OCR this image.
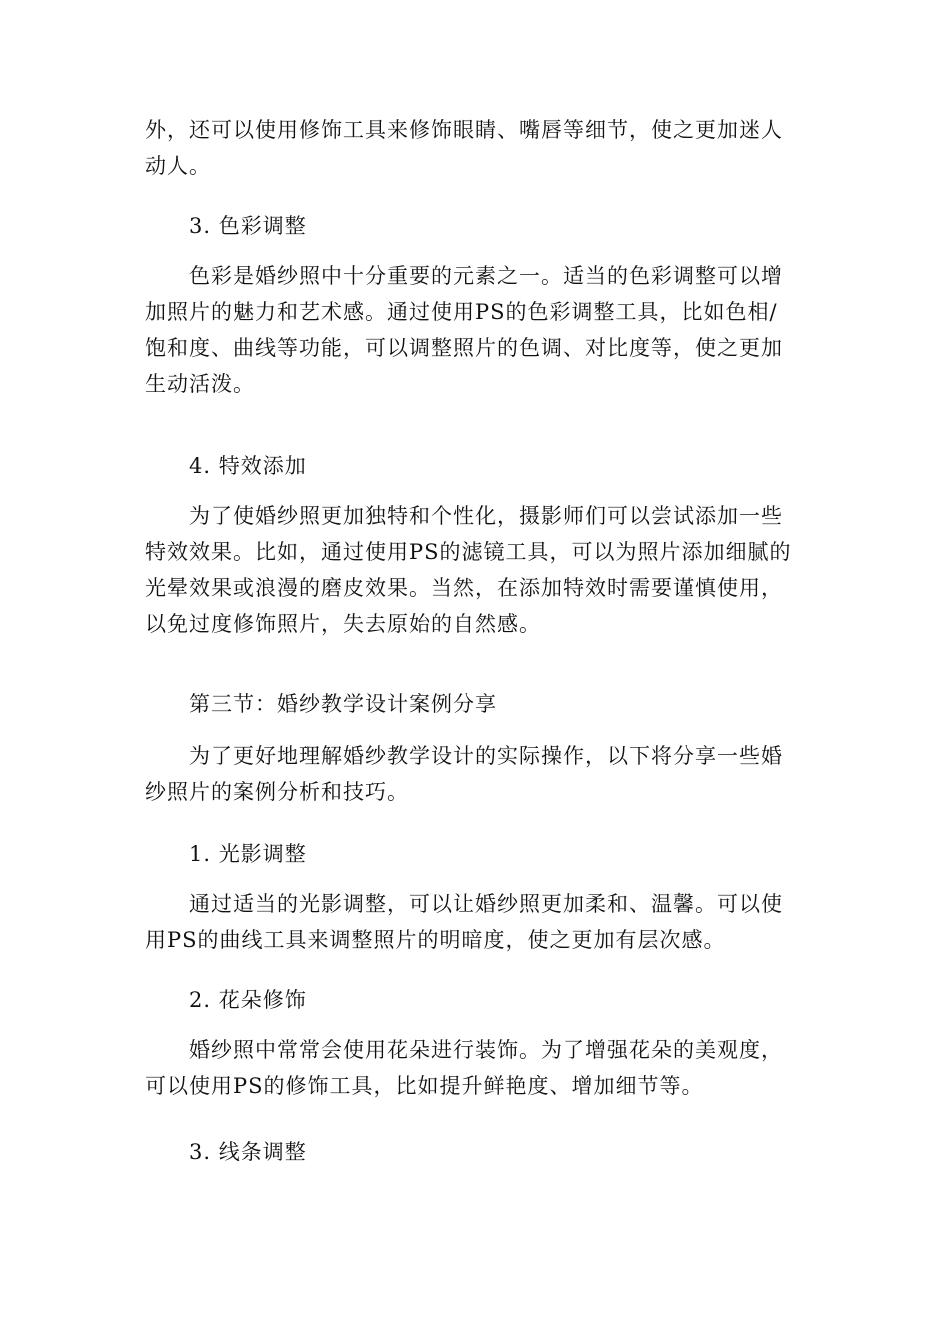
外，还可以使用修饰工具来修饰眼睛、嘴唇等细节，使之更加迷人
动人。
3. 色彩调整
色彩是婚纱照中十分重要的元素之一。适当的色彩调整可以增
加照片的魅力和艺术感。通过使用PS的色彩调整工具，比如色相/
饱和度、曲线等功能，可以调整照片的色调、对比度等，使之更加
生动活泼。
4. 特效添加
为了使婚纱照更加独特和个性化，摄影师们可以尝试添加一些
特效效果。比如，通过使用PS的滤镜工具，可以为照片添加细腻的
光晕效果或浪漫的磨皮效果。当然，在添加特效时需要谨慎使用，
以免过度修饰照片，失去原始的自然感。
第三节：婚纱教学设计案例分享
为了更好地理解婚纱教学设计的实际操作，以下将分享一些婚
纱照片的案例分析和技巧。
1. 光影调整
通过适当的光影调整，可以让婚纱照更加柔和、温馨。可以使
用PS的曲线工具来调整照片的明暗度，使之更加有层次感。
2. 花朵修饰
婚纱照中常常会使用花朵进行装饰。为了增强花朵的美观度，
可以使用PS的修饰工具，比如提升鲜艳度、增加细节等。
3. 线条调整
